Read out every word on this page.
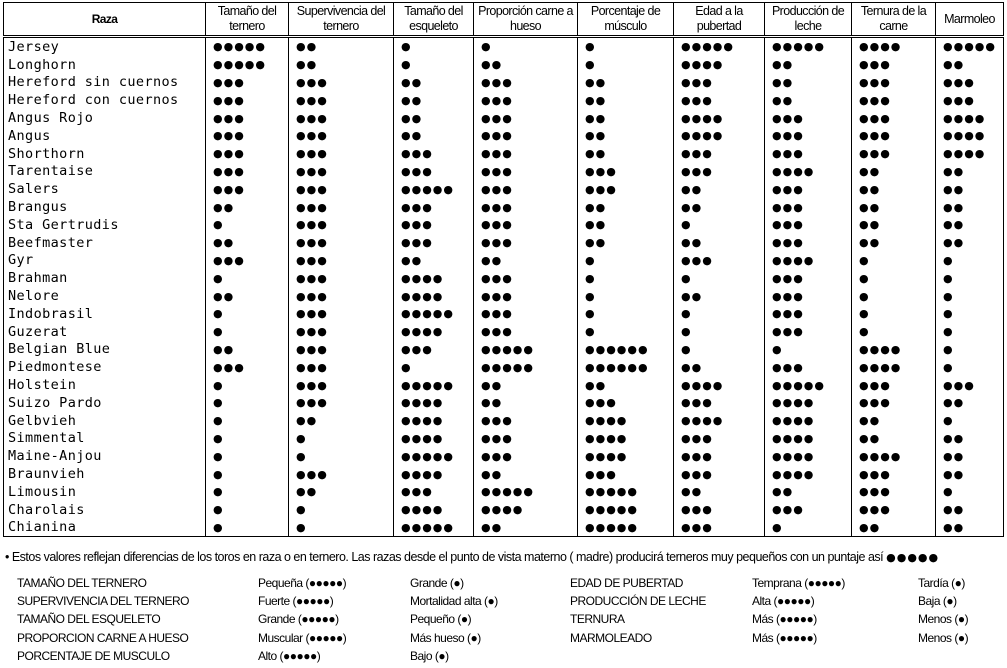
Raza	Tamaño del ternero	Supervivencia del ternero	Tamaño del esqueleto	Proporción carne a hueso	Porcentaje de músculo	Edad a la pubertad	Producción de leche	Ternura de la carne	Marmoleo
Jersey	●●●●●	●●	●	●	●	●●●●●	●●●●●	●●●●	●●●●●
Longhorn	●●●●●	●●	●	●●	●	●●●●	●●	●●●	●●
Hereford sin cuernos	●●●	●●●	●●	●●●	●●	●●●	●●	●●●	●●●
Hereford con cuernos	●●●	●●●	●●	●●●	●●	●●●	●●	●●●	●●●
Angus Rojo	●●●	●●●	●●	●●●	●●	●●●●	●●●	●●●	●●●●
Angus	●●●	●●●	●●	●●●	●●	●●●●	●●●	●●●	●●●●
Shorthorn	●●●	●●●	●●●	●●●	●●	●●●	●●●	●●●	●●●●
Tarentaise	●●●	●●●	●●●	●●●	●●●	●●●	●●●●	●●	●●
Salers	●●●	●●●	●●●●●	●●●	●●●	●●	●●●	●●	●●
Brangus	●●	●●●	●●●	●●●	●●	●●	●●●	●●	●●
Sta Gertrudis	●	●●●	●●●	●●●	●●	●	●●●	●●	●●
Beefmaster	●●	●●●	●●●	●●●	●●	●●	●●●	●●	●●
Gyr	●●●	●●●	●●	●●	●	●●●	●●●●	●	●
Brahman	●	●●●	●●●●	●●●	●	●	●●●	●	●
Nelore	●●	●●●	●●●●	●●●	●	●●	●●●	●	●
Indobrasil	●	●●●	●●●●●	●●●	●	●	●●●	●	●
Guzerat	●	●●●	●●●●	●●●	●	●	●●●	●	●
Belgian Blue	●●	●●●	●●●	●●●●●	●●●●●●	●	●	●●●●	●
Piedmontese	●●●	●●●	●	●●●●●	●●●●●●	●●	●●●	●●●●	●
Holstein	●	●●●	●●●●●	●●	●●	●●●●	●●●●●	●●●	●●●
Suizo Pardo	●	●●●	●●●●	●●	●●●	●●●	●●●●	●●●	●●
Gelbvieh	●	●●	●●●●	●●●	●●●●	●●●●	●●●●	●●	●
Simmental	●	●	●●●●	●●●	●●●●	●●●	●●●●	●●	●●
Maine-Anjou	●	●	●●●●●	●●●	●●●●	●●●	●●●●	●●●●	●●
Braunvieh	●	●●●	●●●●	●●	●●●	●●●	●●●●	●●●	●●
Limousin	●	●●	●●●	●●●●●	●●●●●	●●	●●	●●●	●
Charolais	●	●	●●●●	●●●●	●●●●●	●●●	●●●	●●●	●●
Chianina	●	●	●●●●●	●●	●●●●●	●●●	●	●●	●●
• Estos valores reflejan diferencias de los toros en raza o en ternero. Las razas desde el punto de vista materno ( madre) producirá terneros muy pequeños con un puntaje así ●●●●●
TAMAÑO DEL TERNERO	Pequeña (●●●●●)	Grande (●)
SUPERVIVENCIA DEL TERNERO	Fuerte (●●●●●)	Mortalidad alta (●)
TAMAÑO DEL ESQUELETO	Grande (●●●●●)	Pequeño (●)
PROPORCION CARNE A HUESO	Muscular (●●●●●)	Más hueso (●)
PORCENTAJE DE MUSCULO	Alto (●●●●●)	Bajo (●)
EDAD DE PUBERTAD	Temprana (●●●●●)	Tardía (●)
PRODUCCIÓN DE LECHE	Alta (●●●●●)	Baja (●)
TERNURA	Más (●●●●●)	Menos (●)
MARMOLEADO	Más (●●●●●)	Menos (●)
